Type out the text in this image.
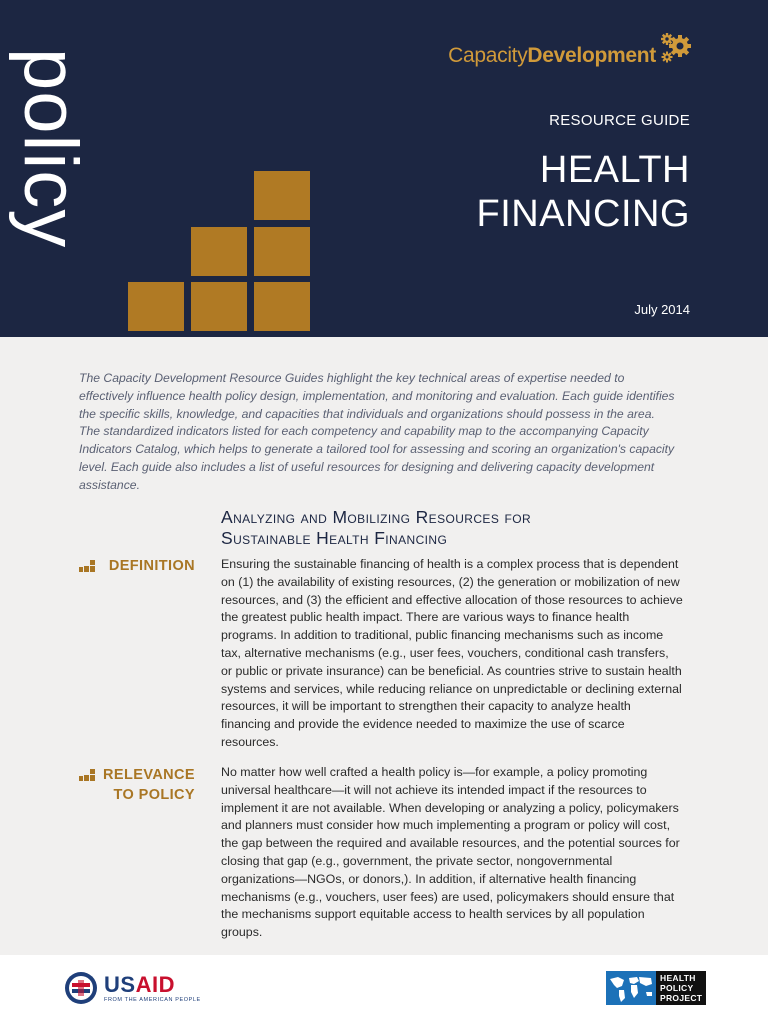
policy	Capacity Development
RESOURCE GUIDE
HEALTH
FINANCING
July 2014
The Capacity Development Resource Guides highlight the key technical areas of expertise needed to effectively influence health policy design, implementation, and monitoring and evaluation. Each guide identifies the specific skills, knowledge, and capacities that individuals and organizations should possess in the area. The standardized indicators listed for each competency and capability map to the accompanying Capacity Indicators Catalog, which helps to generate a tailored tool for assessing and scoring an organization's capacity level. Each guide also includes a list of useful resources for designing and delivering capacity development assistance.
Analyzing and Mobilizing Resources for
Sustainable Health Financing
DEFINITION Ensuring the sustainable financing of health is a complex process that is dependent on (1) the availability of existing resources, (2) the generation or mobilization of new resources, and (3) the efficient and effective allocation of those resources to achieve the greatest public health impact. There are various ways to finance health programs. In addition to traditional, public financing mechanisms such as income tax, alternative mechanisms (e.g., user fees, vouchers, conditional cash transfers, or public or private insurance) can be beneficial. As countries strive to sustain health systems and services, while reducing reliance on unpredictable or declining external resources, it will be important to strengthen their capacity to analyze health financing and provide the evidence needed to maximize the use of scarce resources.
RELEVANCE
TO POLICY
No matter how well crafted a health policy is—for example, a policy promoting universal healthcare—it will not achieve its intended impact if the resources to implement it are not available. When developing or analyzing a policy, policymakers and planners must consider how much implementing a program or policy will cost, the gap between the required and available resources, and the potential sources for closing that gap (e.g., government, the private sector, nongovernmental organizations—NGOs, or donors,). In addition, if alternative health financing mechanisms (e.g., vouchers, user fees) are used, policymakers should ensure that the mechanisms support equitable access to health services by all population groups.
USAID
FROM THE AMERICAN PEOPLE
HEALTH
POLICY
PROJECT
